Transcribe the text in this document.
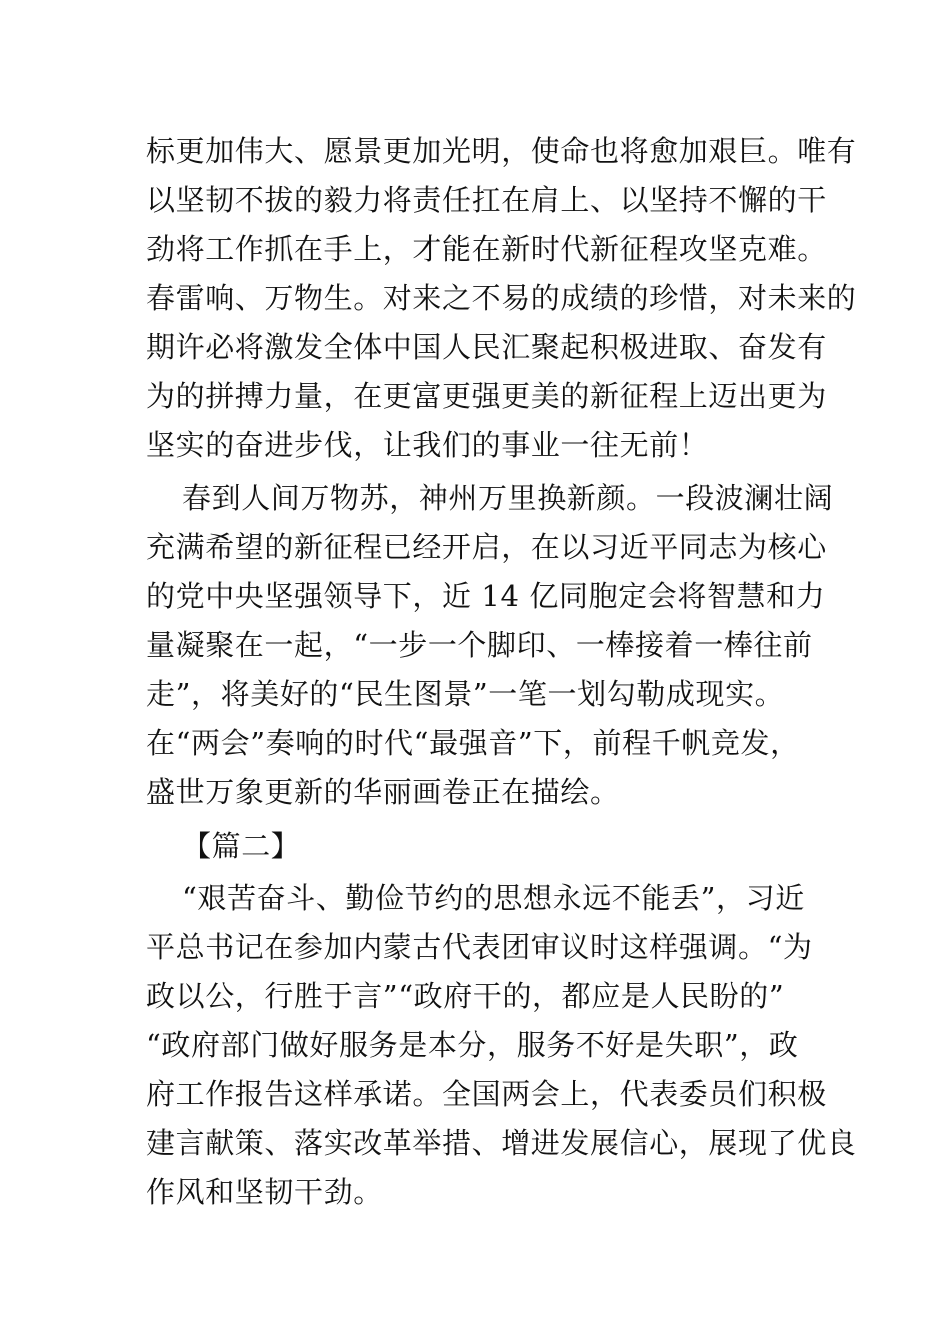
标更加伟大、愿景更加光明，使命也将愈加艰巨。唯有
以坚韧不拔的毅力将责任扛在肩上、以坚持不懈的干
劲将工作抓在手上，才能在新时代新征程攻坚克难。
春雷响、万物生。对来之不易的成绩的珍惜，对未来的
期许必将激发全体中国人民汇聚起积极进取、奋发有
为的拼搏力量，在更富更强更美的新征程上迈出更为
坚实的奋进步伐，让我们的事业一往无前！
春到人间万物苏，神州万里换新颜。一段波澜壮阔
充满希望的新征程已经开启，在以习近平同志为核心
的党中央坚强领导下，近 14 亿同胞定会将智慧和力
量凝聚在一起，“一步一个脚印、一棒接着一棒往前
走”，将美好的“民生图景”一笔一划勾勒成现实。
在“两会”奏响的时代“最强音”下，前程千帆竞发，
盛世万象更新的华丽画卷正在描绘。
【篇二】
“艰苦奋斗、勤俭节约的思想永远不能丢”，习近
平总书记在参加内蒙古代表团审议时这样强调。“为
政以公，行胜于言”“政府干的，都应是人民盼的”
“政府部门做好服务是本分，服务不好是失职”，政
府工作报告这样承诺。全国两会上，代表委员们积极
建言献策、落实改革举措、增进发展信心，展现了优良
作风和坚韧干劲。
